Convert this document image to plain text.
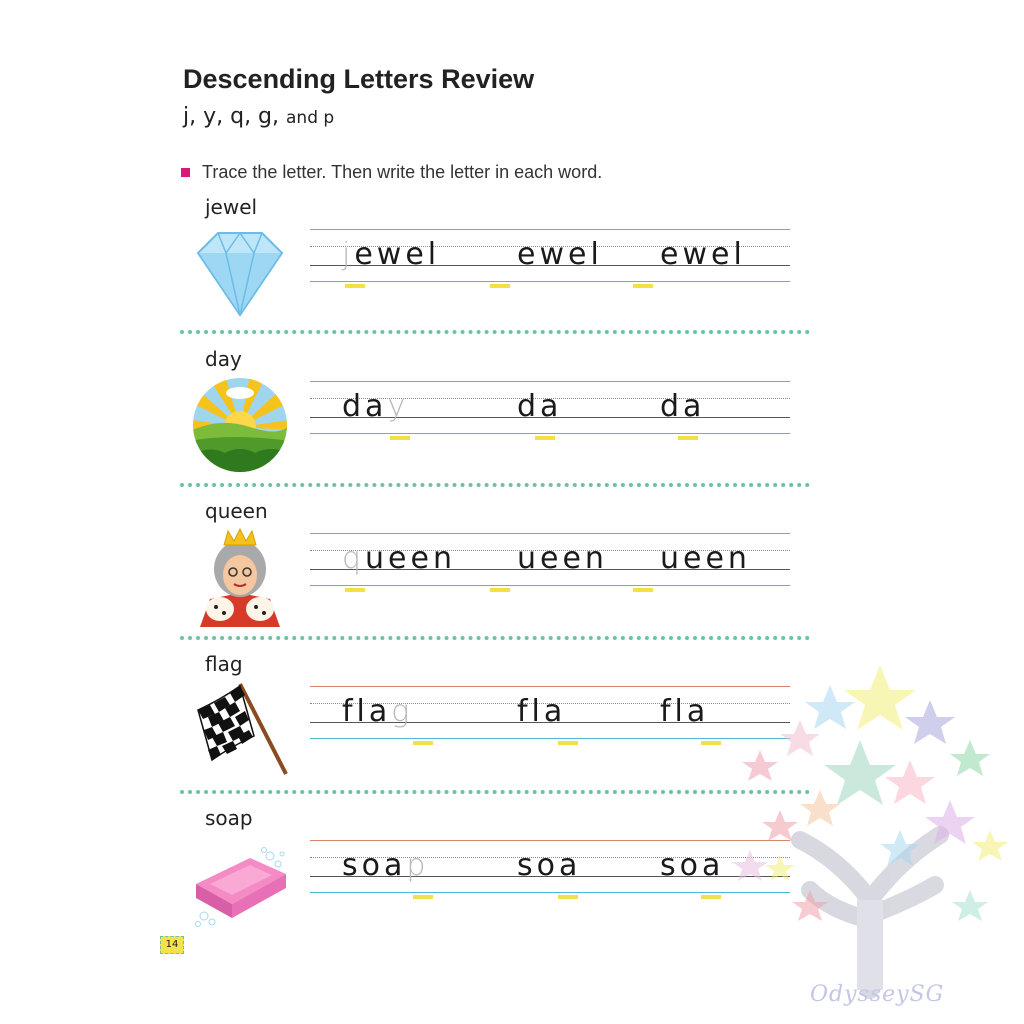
Descending Letters Review
j, y, q, g, and p
Trace the letter. Then write the letter in each word.
jewel
jewel	ewel ewel
day
day	da	da
queen
queen ueen ueen
flag
flag	fla	fla
soap
soap	soa	soa
14
OdysseySG
